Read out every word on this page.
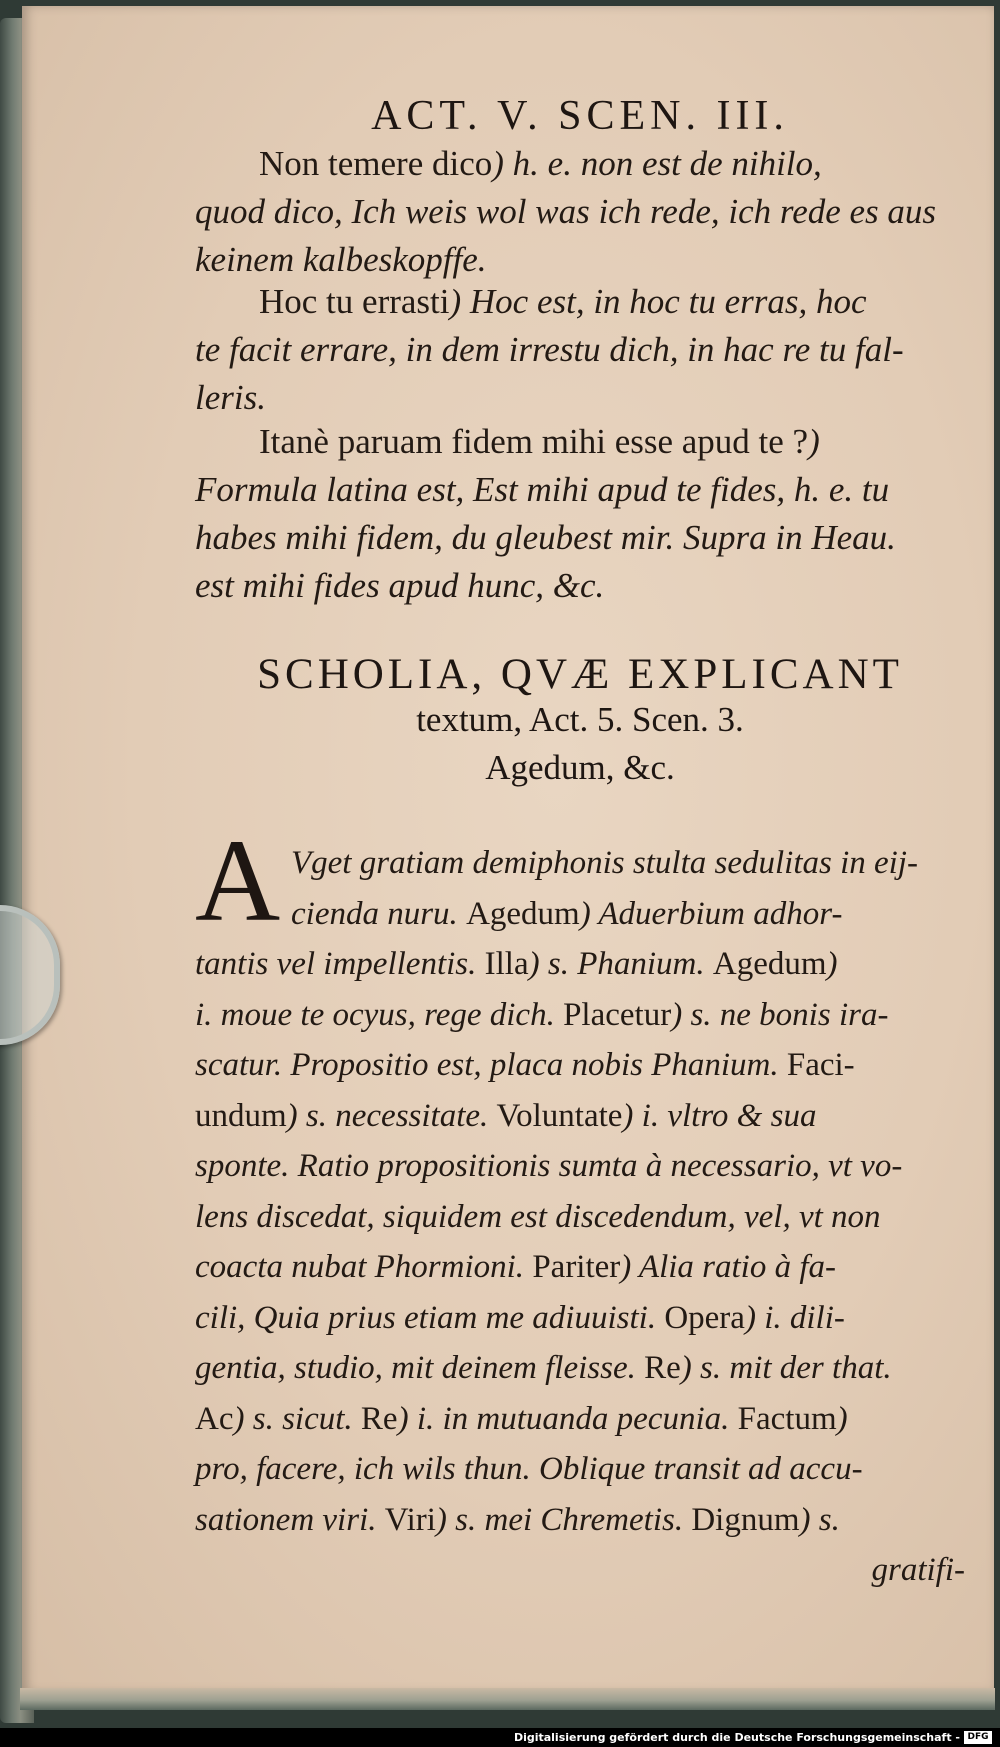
ACT. V. SCEN. III.
Non temere dico) h. e. non est de nihilo,
quod dico, Ich weis wol was ich rede, ich rede es aus
keinem kalbeskopffe.
Hoc tu errasti) Hoc est, in hoc tu erras, hoc
te facit errare, in dem irrestu dich, in hac re tu fal-
leris.
Itanè paruam fidem mihi esse apud te ?)
Formula latina est, Est mihi apud te fides, h. e. tu
habes mihi fidem, du gleubest mir. Supra in Heau.
est mihi fides apud hunc, &c.
SCHOLIA, QVÆ EXPLICANT
textum, Act. 5. Scen. 3.
Agedum, &c.
A Vget gratiam demiphonis stulta sedulitas in eij-
cienda nuru. Agedum) Aduerbium adhor-
tantis vel impellentis. Illa) s. Phanium. Agedum)
i. moue te ocyus, rege dich. Placetur) s. ne bonis ira-
scatur. Propositio est, placa nobis Phanium. Faci-
undum) s. necessitate. Voluntate) i. vltro & sua
sponte. Ratio propositionis sumta à necessario, vt vo-
lens discedat, siquidem est discedendum, vel, vt non
coacta nubat Phormioni. Pariter) Alia ratio à fa-
cili, Quia prius etiam me adiuuisti. Opera) i. dili-
gentia, studio, mit deinem fleisse. Re) s. mit der that.
Ac) s. sicut. Re) i. in mutuanda pecunia. Factum)
pro, facere, ich wils thun. Oblique transit ad accu-
sationem viri. Viri) s. mei Chremetis. Dignum) s.
gratifi-
Digitalisierung gefördert durch die Deutsche Forschungsgemeinschaft - DFG
